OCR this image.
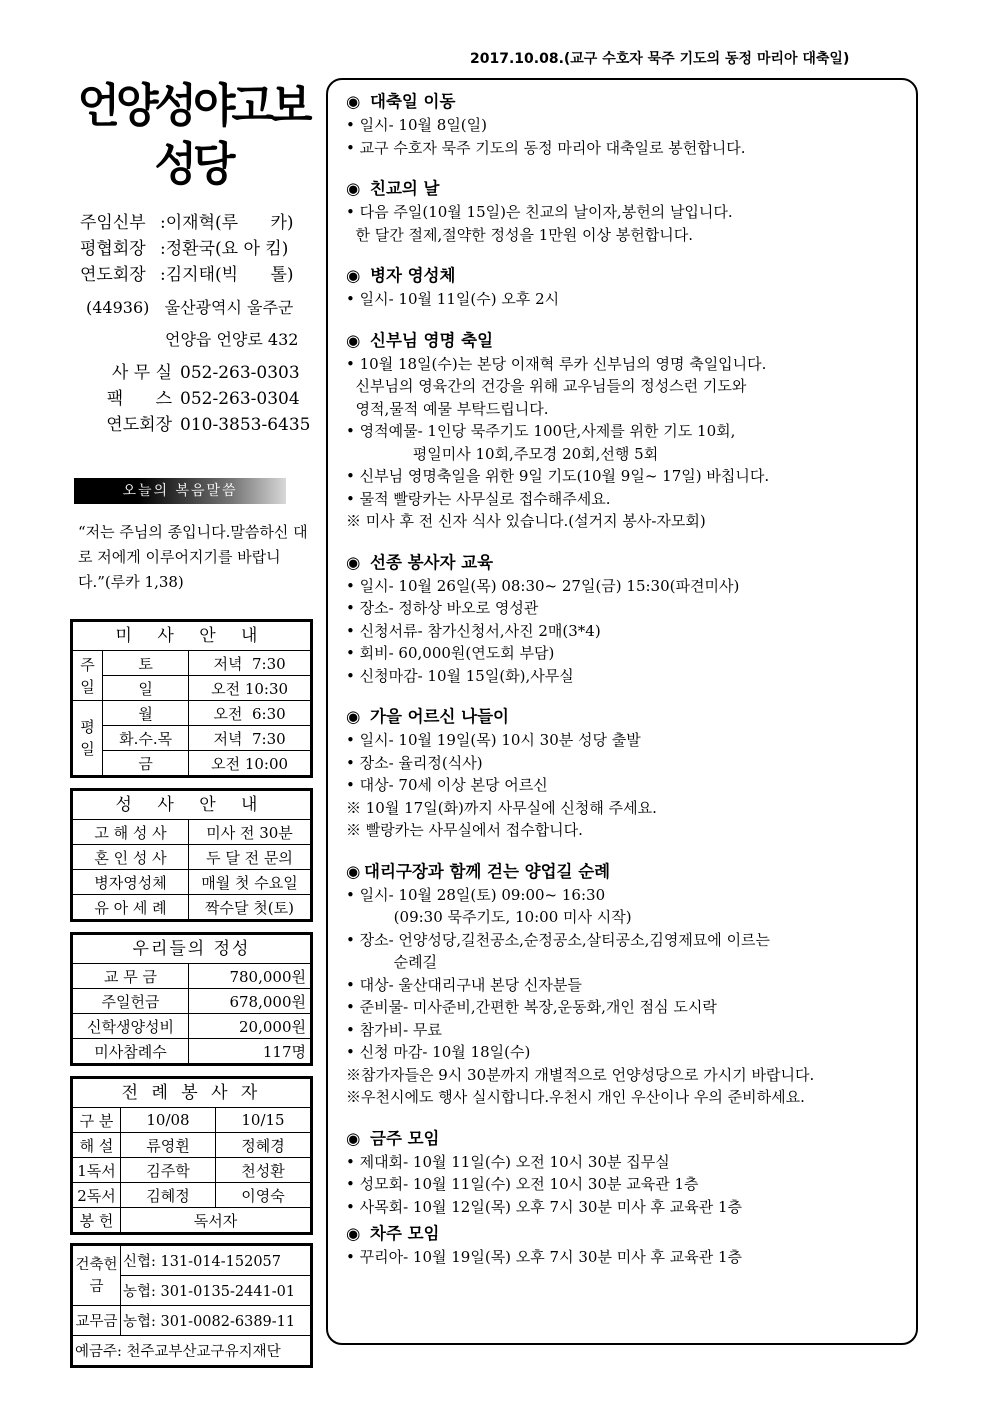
2017.10.08.(교구 수호자 묵주 기도의 동정 마리아 대축일)
언양성야고보
성당
주임신부 :이재혁(루      카)
평협회장 :정환국(요 아 킴)
연도회장 :김지태(빅      톨)
(44936)   울산광역시 울주군
언양읍 언양로 432
사 무 실 052-263-0303
팩      스 052-263-0304
연도회장 010-3853-6435
오늘의 복음말씀
“저는 주님의 종입니다.말씀하신 대로 저에게 이루어지기를 바랍니다.”(루카 1,38)
미 사 안 내		
주일	토	저녁  7:30
	일	오전 10:30
평일	월	오전  6:30
	화.수.목	저녁  7:30
	금	오전 10:00
성 사 안 내	
고 해 성 사	미사 전 30분
혼 인 성 사	두 달 전 문의
병자영성체	매월 첫 수요일
유 아 세 례	짝수달 첫(토)
우리들의 정성	
교 무 금	780,000원
주일헌금	678,000원
신학생양성비	20,000원
미사참례수	117명
전 례 봉 사 자		
구 분	10/08	10/15
해 설	류영휜	정혜경
1독서	김주학	천성환
2독서	김혜정	이영숙
봉 헌	독서자	
건축헌금	신협: 131-014-152057
	농협: 301-0135-2441-01
교무금	농협: 301-0082-6389-11
예금주: 천주교부산교구유지재단	
◉ 대축일 이동
• 일시- 10월 8일(일)
• 교구 수호자 묵주 기도의 동정 마리아 대축일로 봉헌합니다.
◉ 친교의 날
• 다음 주일(10월 15일)은 친교의 날이자,봉헌의 날입니다.
한 달간 절제,절약한 정성을 1만원 이상 봉헌합니다.
◉ 병자 영성체
• 일시- 10월 11일(수) 오후 2시
◉ 신부님 영명 축일
• 10월 18일(수)는 본당 이재혁 루카 신부님의 영명 축일입니다.
신부님의 영육간의 건강을 위해 교우님들의 정성스런 기도와
영적,물적 예물 부탁드립니다.
• 영적예물- 1인당 묵주기도 100단,사제를 위한 기도 10회,
평일미사 10회,주모경 20회,선행 5회
• 신부님 영명축일을 위한 9일 기도(10월 9일~ 17일) 바칩니다.
• 물적 빨랑카는 사무실로 접수해주세요.
※ 미사 후 전 신자 식사 있습니다.(설거지 봉사-자모회)
◉ 선종 봉사자 교육
• 일시- 10월 26일(목) 08:30~ 27일(금) 15:30(파견미사)
• 장소- 정하상 바오로 영성관
• 신청서류- 참가신청서,사진 2매(3*4)
• 회비- 60,000원(연도회 부담)
• 신청마감- 10월 15일(화),사무실
◉ 가을 어르신 나들이
• 일시- 10월 19일(목) 10시 30분 성당 출발
• 장소- 율리정(식사)
• 대상- 70세 이상 본당 어르신
※ 10월 17일(화)까지 사무실에 신청해 주세요.
※ 빨랑카는 사무실에서 접수합니다.
◉ 대리구장과 함께 걷는 양업길 순례
• 일시- 10월 28일(토) 09:00~ 16:30
(09:30 묵주기도, 10:00 미사 시작)
• 장소- 언양성당,길천공소,순정공소,살티공소,김영제묘에 이르는
순례길
• 대상- 울산대리구내 본당 신자분들
• 준비물- 미사준비,간편한 복장,운동화,개인 점심 도시락
• 참가비- 무료
• 신청 마감- 10월 18일(수)
※참가자들은 9시 30분까지 개별적으로 언양성당으로 가시기 바랍니다.
※우천시에도 행사 실시합니다.우천시 개인 우산이나 우의 준비하세요.
◉ 금주 모임
• 제대회- 10월 11일(수) 오전 10시 30분 집무실
• 성모회- 10월 11일(수) 오전 10시 30분 교육관 1층
• 사목회- 10월 12일(목) 오후 7시 30분 미사 후 교육관 1층
◉ 차주 모임
• 꾸리아- 10월 19일(목) 오후 7시 30분 미사 후 교육관 1층
